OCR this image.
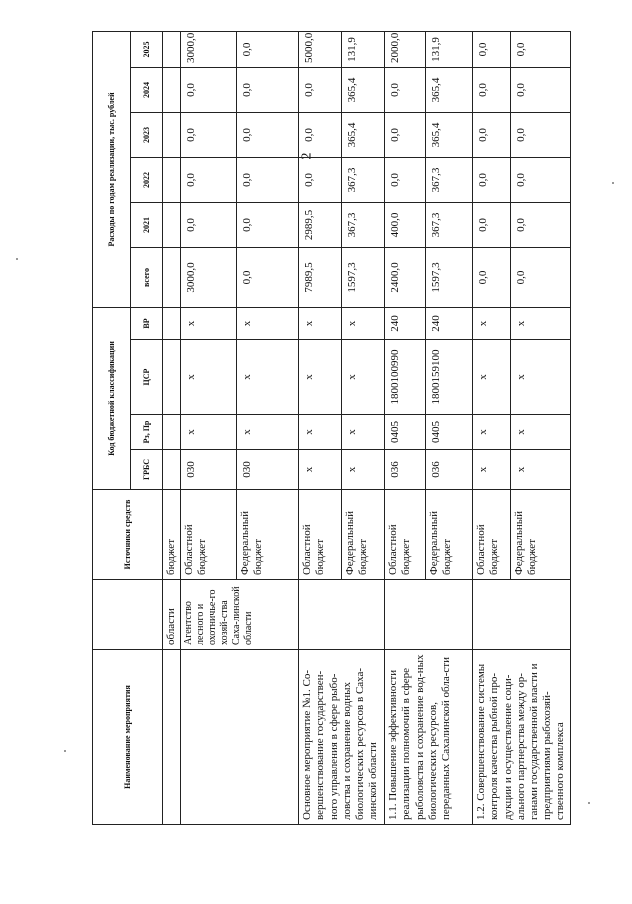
2
Наименование мероприятия		Источники средств	Код бюджетной классификации				Расходы по годам реализации, тыс. рублей					
			ГРБС	Рз, Пр	ЦСР	ВР	всего	2021	2022	2023	2024	2025
	области	бюджет										
	Агентство лесного и охотничье-го хозяй-ства Саха-линской области	Областной бюджет	030	x	x	x	3000,0	0,0	0,0	0,0	0,0	3000,0
		Федеральный бюджет	030	x	x	x	0,0	0,0	0,0	0,0	0,0	0,0
Основное мероприятие №1. Со-вершенствование государствен-ного управления в сфере рыбо-ловства и сохранение водных биологических ресурсов в Саха-линской области		Областной бюджет	x	x	x	x	7989,5	2989,5	0,0	0,0	0,0	5000,0
		Федеральный бюджет	x	x	x	x	1597,3	367,3	367,3	365,4	365,4	131,9
1.1. Повышение эффективности реализации полномочий в сфере рыболовства и сохранение вод-ных биологических ресурсов, переданных Сахалинской обла-сти		Областной бюджет	036	0405	1800100990	240	2400,0	400,0	0,0	0,0	0,0	2000,0
		Федеральный бюджет	036	0405	1800159100	240	1597,3	367,3	367,3	365,4	365,4	131,9
1.2. Совершенствование системы контроля качества рыбной про-дукции и осуществление соци-ального партнерства между ор-ганами государственной власти и предприятиями рыбохозяй-ственного комплекса		Областной бюджет	x	x	x	x	0,0	0,0	0,0	0,0	0,0	0,0
		Федеральный бюджет	x	x	x	x	0,0	0,0	0,0	0,0	0,0	0,0
